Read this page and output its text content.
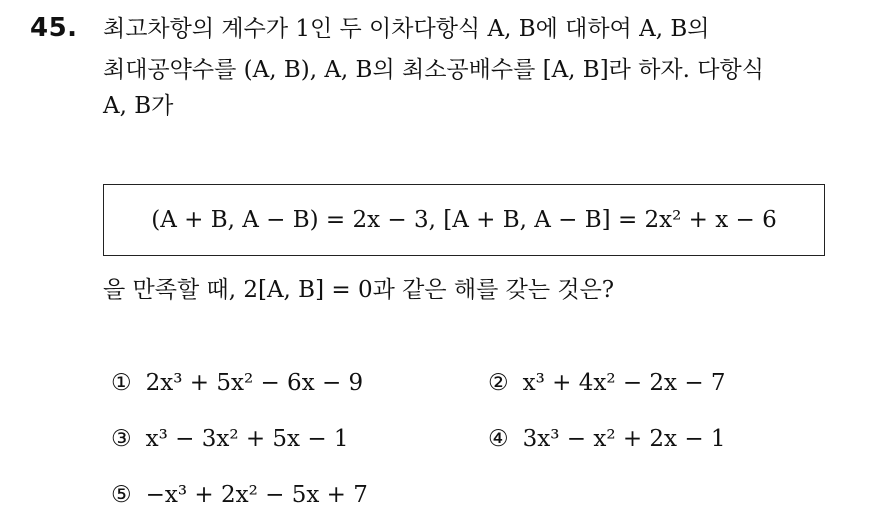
45. 최고차항의 계수가 1인 두 이차다항식 A, B에 대하여 A, B의
최대공약수를 (A, B), A, B의 최소공배수를 [A, B]라 하자. 다항식
A, B가
(A + B, A − B) = 2x − 3, [A + B, A − B] = 2x² + x − 6
을 만족할 때, 2[A, B] = 0과 같은 해를 갖는 것은?
① 2x³ + 5x² − 6x − 9	② x³ + 4x² − 2x − 7
③ x³ − 3x² + 5x − 1	④ 3x³ − x² + 2x − 1
⑤ −x³ + 2x² − 5x + 7
